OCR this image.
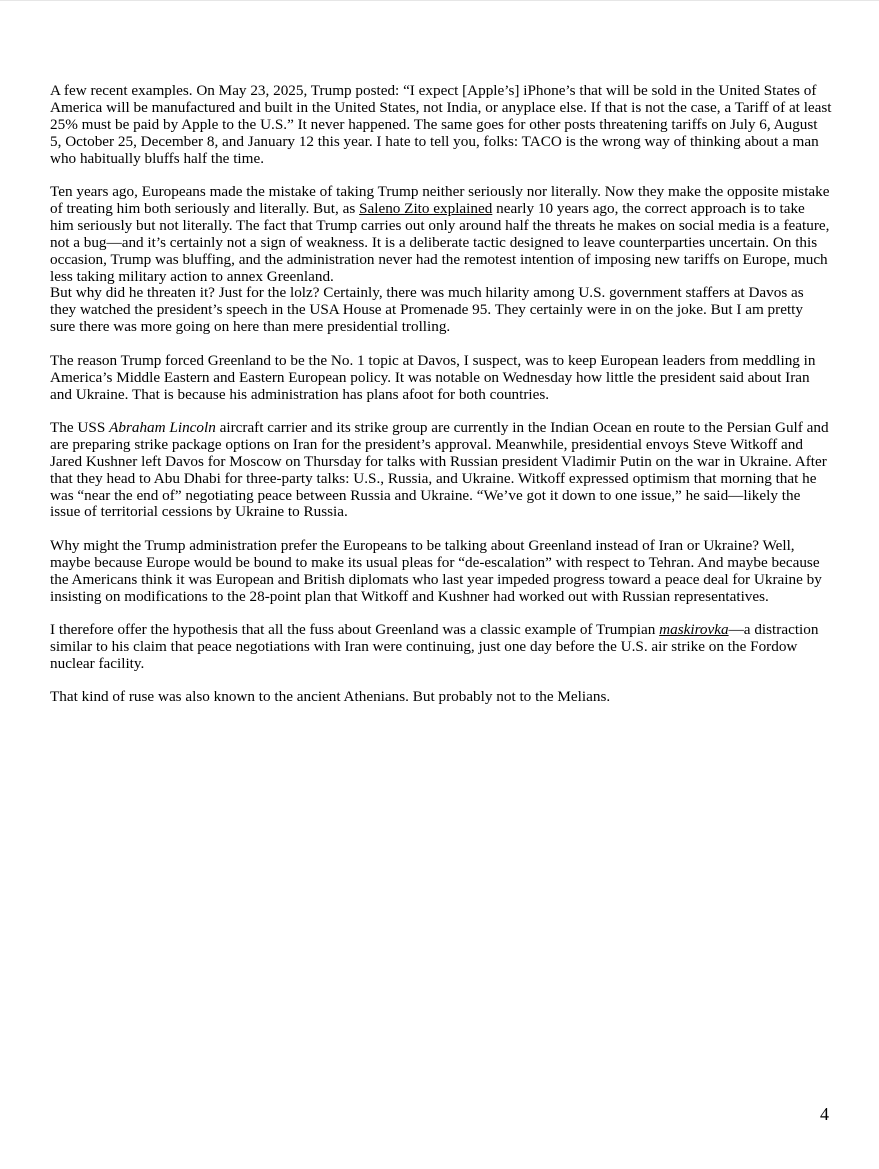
A few recent examples. On May 23, 2025, Trump posted: “I expect [Apple’s] iPhone’s that will be sold in the United States of America will be manufactured and built in the United States, not India, or anyplace else. If that is not the case, a Tariff of at least 25% must be paid by Apple to the U.S.” It never happened. The same goes for other posts threatening tariffs on July 6, August 5, October 25, December 8, and January 12 this year. I hate to tell you, folks: TACO is the wrong way of thinking about a man who habitually bluffs half the time.

Ten years ago, Europeans made the mistake of taking Trump neither seriously nor literally. Now they make the opposite mistake of treating him both seriously and literally. But, as Saleno Zito explained nearly 10 years ago, the correct approach is to take him seriously but not literally. The fact that Trump carries out only around half the threats he makes on social media is a feature, not a bug—and it’s certainly not a sign of weakness. It is a deliberate tactic designed to leave counterparties uncertain. On this occasion, Trump was bluffing, and the administration never had the remotest intention of imposing new tariffs on Europe, much less taking military action to annex Greenland.
But why did he threaten it? Just for the lolz? Certainly, there was much hilarity among U.S. government staffers at Davos as they watched the president’s speech in the USA House at Promenade 95. They certainly were in on the joke. But I am pretty sure there was more going on here than mere presidential trolling.

The reason Trump forced Greenland to be the No. 1 topic at Davos, I suspect, was to keep European leaders from meddling in America’s Middle Eastern and Eastern European policy. It was notable on Wednesday how little the president said about Iran and Ukraine. That is because his administration has plans afoot for both countries.

The USS Abraham Lincoln aircraft carrier and its strike group are currently in the Indian Ocean en route to the Persian Gulf and are preparing strike package options on Iran for the president’s approval. Meanwhile, presidential envoys Steve Witkoff and Jared Kushner left Davos for Moscow on Thursday for talks with Russian president Vladimir Putin on the war in Ukraine. After that they head to Abu Dhabi for three-party talks: U.S., Russia, and Ukraine. Witkoff expressed optimism that morning that he was “near the end of” negotiating peace between Russia and Ukraine. “We’ve got it down to one issue,” he said—likely the issue of territorial cessions by Ukraine to Russia.

Why might the Trump administration prefer the Europeans to be talking about Greenland instead of Iran or Ukraine? Well, maybe because Europe would be bound to make its usual pleas for “de-escalation” with respect to Tehran. And maybe because the Americans think it was European and British diplomats who last year impeded progress toward a peace deal for Ukraine by insisting on modifications to the 28-point plan that Witkoff and Kushner had worked out with Russian representatives.

I therefore offer the hypothesis that all the fuss about Greenland was a classic example of Trumpian maskirovka—a distraction similar to his claim that peace negotiations with Iran were continuing, just one day before the U.S. air strike on the Fordow nuclear facility.

That kind of ruse was also known to the ancient Athenians. But probably not to the Melians.

4
